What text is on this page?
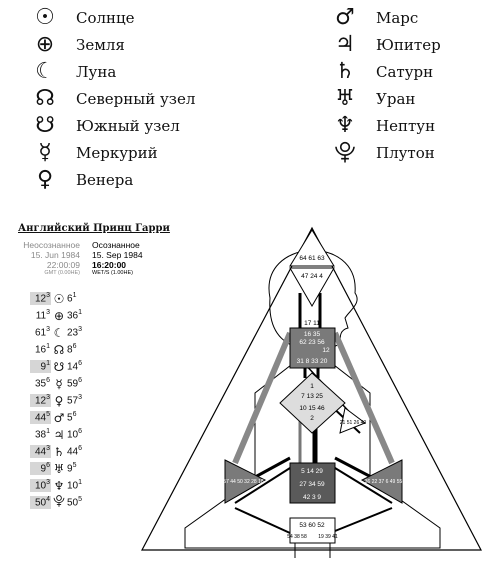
☉	Солнце
⊕	Земля
☾	Луна
☊	Северный узел
☋	Южный узел
☿	Меркурий
♀	Венера
♂	Марс
♃	Юпитер
♄	Сатурн
♅	Уран
♆	Нептун
⯓ Плутон
Английский Принц Гарри
Неосознанное
15. Jun 1984
22:00:09
GMT (0.00HE)
Осознанное
15. Sep 1984
16:20:00
WET/S (1.00HE)
$12^3$ ☉ $6^1$
$11^3$ ⊕ $36^1$
$61^3$ ☾ $23^3$
$16^1$ ☊ $8^6$
$9^1$ ☋ $14^6$
$35^6$ ☿ $59^6$
$12^3$ ♀ $57^3$
$44^5$ ♂ $5^6$
$38^1$ ♃ $10^6$
$44^3$ ♄ $44^6$
$9^6$ ♅ $9^5$
$10^3$ ♆ $10^1$
$50^4$ ⯓ $50^5$
64 61 63
47 24 4
17 11
16 35
62 23 56
12
31 8 33 20
1
7 13 25
10 15 46
2
21 51 26 40
48 57 44 50 32 28 18	36 22 37 6 49 55 30
5 14 29
27 34 59
42 3 9
53 60 52
54 38 58 19 39 41
